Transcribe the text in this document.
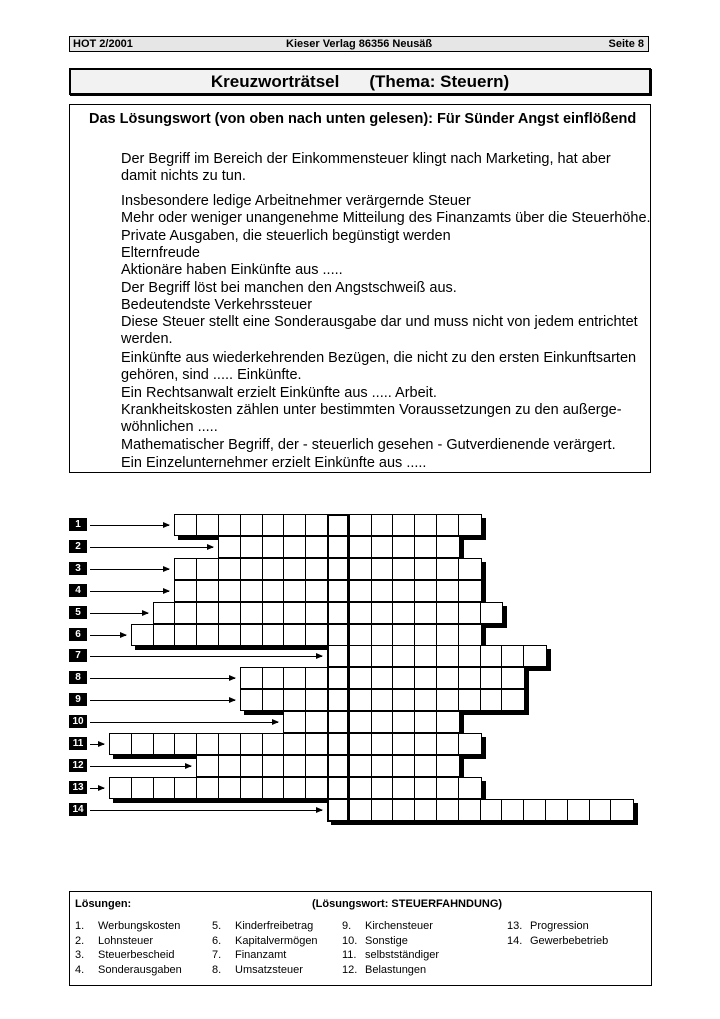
HOT 2/2001	Kieser Verlag 86356 Neusäß	Seite 8
Kreuzworträtsel (Thema: Steuern)
Das Lösungswort (von oben nach unten gelesen): Für Sünder Angst einflößend
Der Begriff im Bereich der Einkommensteuer klingt nach Marketing, hat aber
damit nichts zu tun.
Insbesondere ledige Arbeitnehmer verärgernde Steuer
Mehr oder weniger unangenehme Mitteilung des Finanzamts über die Steuerhöhe.
Private Ausgaben, die steuerlich begünstigt werden
Elternfreude
Aktionäre haben Einkünfte aus .....
Der Begriff löst bei manchen den Angstschweiß aus.
Bedeutendste Verkehrssteuer
Diese Steuer stellt eine Sonderausgabe dar und muss nicht von jedem entrichtet
werden.
Einkünfte aus wiederkehrenden Bezügen, die nicht zu den ersten Einkunftsarten
gehören, sind ..... Einkünfte.
Ein Rechtsanwalt erzielt Einkünfte aus ..... Arbeit.
Krankheitskosten zählen unter bestimmten Voraussetzungen zu den außerge-
wöhnlichen .....
Mathematischer Begriff, der - steuerlich gesehen - Gutverdienende verärgert.
Ein Einzelunternehmer erzielt Einkünfte aus .....
1
2
3
4
5
6
7
8
9
10
11
12
13
14
Lösungen:	(Lösungswort: STEUERFAHNDUNG)
1. Werbungskosten
2. Lohnsteuer
3. Steuerbescheid
4. Sonderausgaben
5. Kinderfreibetrag
6. Kapitalvermögen
7. Finanzamt
8. Umsatzsteuer
9. Kirchensteuer
10. Sonstige
11. selbstständiger
12. Belastungen
13. Progression
14. Gewerbebetrieb
